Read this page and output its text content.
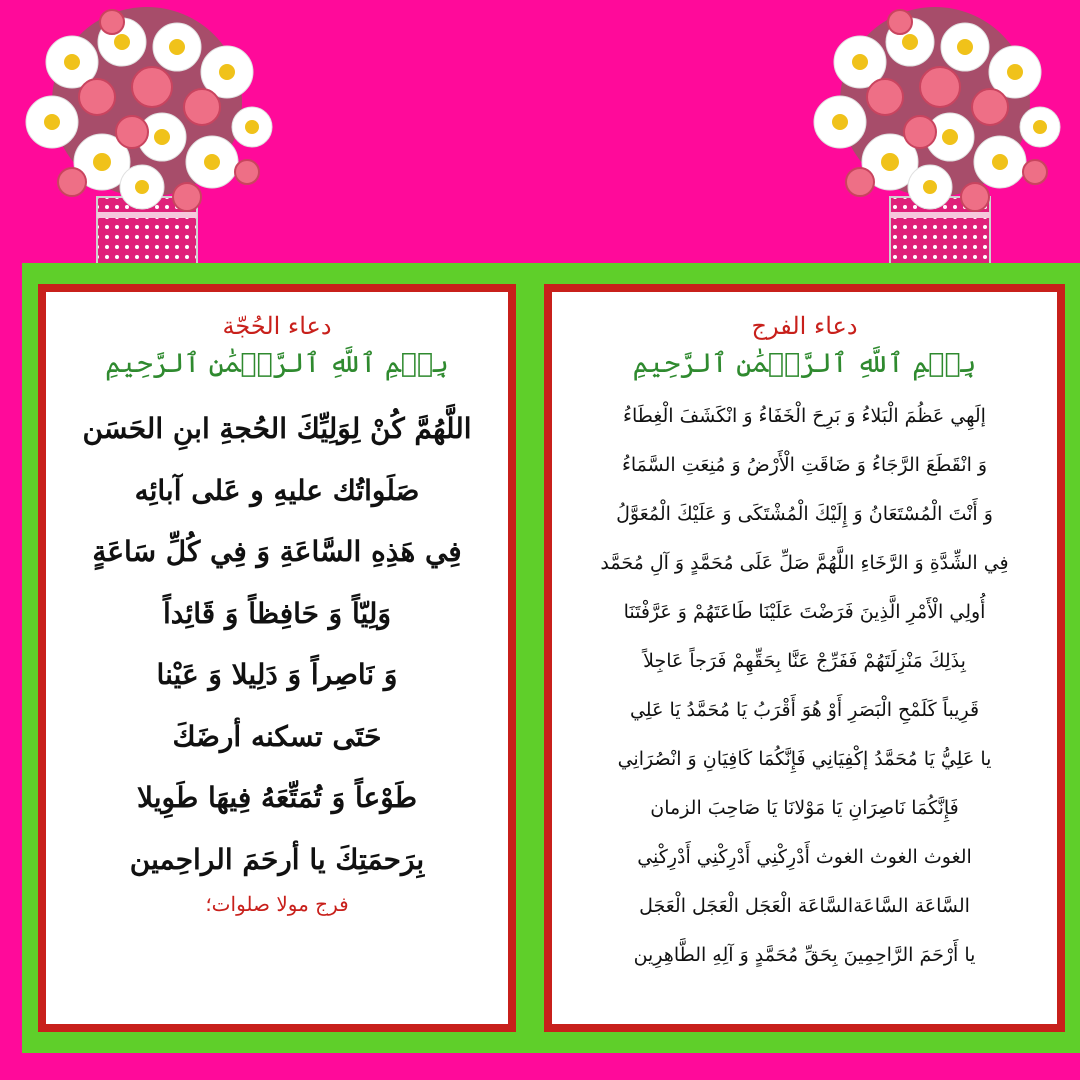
دعاء الحُجّة
بِسۡمِ ٱللَّهِ ٱلرَّحۡمَٰنِ ٱلرَّحِيمِ
اللَّهُمَّ كُنْ لِوَلِيِّكَ الحُجةِ ابنِ الحَسَن
صَلَواتُك عليهِ و عَلى آبائِه
فِي هَذِهِ السَّاعَةِ وَ فِي كُلِّ سَاعَةٍ
وَلِيّاً وَ حَافِظاً وَ قَائِداً
وَ نَاصِراً وَ دَلِيلا وَ عَيْنا
حَتَى تسكنه أرضَكَ
طَوْعاً وَ تُمَتِّعَهُ فِيهَا طَوِيلا
بِرَحمَتِكَ يا أرحَمَ الراحِمين
فرج مولا صلوات؛
دعاء الفرج
بِسۡمِ ٱللَّهِ ٱلرَّحۡمَٰنِ ٱلرَّحِيمِ
إلَهِي عَظُمَ الْبَلاءُ وَ بَرِحَ الْخَفَاءُ وَ انْكَشَفَ الْغِطَاءُ
وَ انْقَطَعَ الرَّجَاءُ وَ ضَاقَتِ الْأَرْضُ وَ مُنِعَتِ السَّمَاءُ
وَ أَنْتَ الْمُسْتَعَانُ وَ إِلَيْكَ الْمُشْتَكَى وَ عَلَيْكَ الْمُعَوَّلُ
فِي الشِّدَّةِ وَ الرَّخَاءِ اللَّهُمَّ صَلِّ عَلَى مُحَمَّدٍ وَ آلِ مُحَمَّد
أُولِي الْأَمْرِ الَّذِينَ فَرَضْتَ عَلَيْنَا طَاعَتَهُمْ وَ عَرَّفْتَنَا
بِذَلِكَ مَنْزِلَتَهُمْ فَفَرِّجْ عَنَّا بِحَقِّهِمْ فَرَجاً عَاجِلاً
قَرِيباً كَلَمْحِ الْبَصَرِ أَوْ هُوَ أَقْرَبُ يَا مُحَمَّدُ يَا عَلِي
يا عَلِيُّ يَا مُحَمَّدُ إكْفِيَانِي فَإِنَّكُمَا كَافِيَانِ وَ انْصُرَانِي
فَإِنَّكُمَا نَاصِرَانِ يَا مَوْلانَا يَا صَاحِبَ الزمان
الغوث الغوث الغوث أَدْرِكْنِي أَدْرِكْنِي أَدْرِكْنِي
السَّاعَة السَّاعَةالسَّاعَة الْعَجَل الْعَجَل الْعَجَل
يا أَرْحَمَ الرَّاحِمِينَ بِحَقِّ مُحَمَّدٍ وَ آلِهِ الطَّاهِرِين
